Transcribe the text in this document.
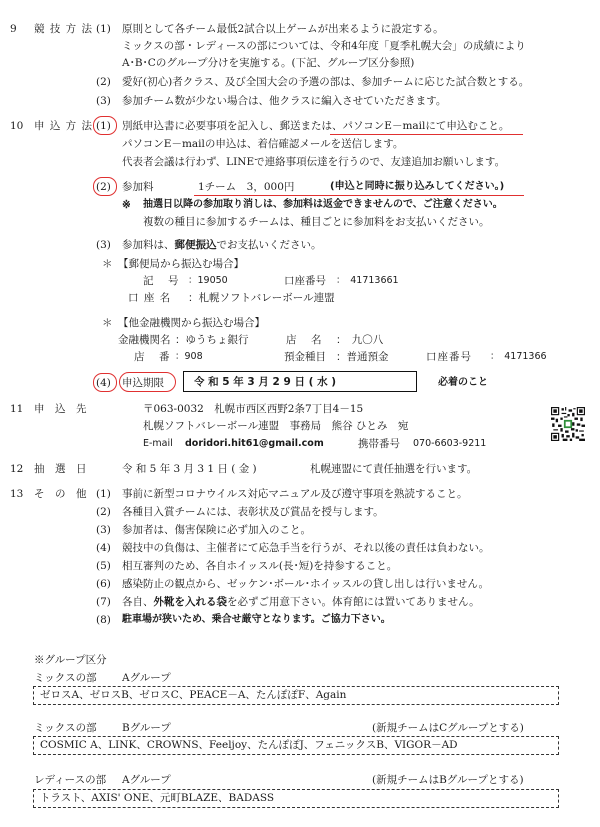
9 競 技 方 法 (1) 原則として各チーム最低2試合以上ゲームが出来るように設定する。
ミックスの部・レディースの部については、令和4年度「夏季札幌大会」の成績により
A･B･Cのグループ分けを実施する。(下記、グループ区分参照)
(2) 愛好(初心)者クラス、及び全国大会の予選の部は、参加チームに応じた試合数とする。
(3) 参加チーム数が少ない場合は、他クラスに編入させていただきます。
10 申 込 方 法 (1) 別紙申込書に必要事項を記入し、郵送または、パソコンE－mailにて申込むこと。
パソコンE－mailの申込は、着信確認メールを送信します。
代表者会議は行わず、LINEで連絡事項伝達を行うので、友達追加お願いします。
(2) 参加料	1チーム　3，000円	(申込と同時に振り込みしてください。)
※ 抽選日以降の参加取り消しは、参加料は返金できませんので、ご注意ください。
複数の種目に参加するチームは、種目ごとに参加料をお支払いください。
(3) 参加料は、郵便振込でお支払いください。
＊ 【郵便局から振込む場合】
記　号 ：19050	口座番号 ：　41713661
口 座 名 ：札幌ソフトバレーボール連盟
＊ 【他金融機関から振込む場合】
金融機関名 ：ゆうちょ銀行	店　名 ：　九〇八
店　番 ：908	預金種目 ：普通預金	口座番号 ：　4171366
(4) 申込期限	令 和 5 年 3 月 2 9 日 ( 水 )	必着のこと
11 申　込　先	〒063-0032　札幌市西区西野2条7丁目4－15
札幌ソフトバレーボール連盟　事務局　熊谷 ひとみ　宛
E-mail doridori.hit61@gmail.com	携帯番号 070-6603-9211
12 抽　選　日	令 和 5 年 3 月 3 1 日 ( 金 )	札幌連盟にて責任抽選を行います。
13 そ　の　他 (1) 事前に新型コロナウイルス対応マニュアル及び遵守事項を熟読すること。
(2) 各種目入賞チームには、表彰状及び賞品を授与します。
(3) 参加者は、傷害保険に必ず加入のこと。
(4) 競技中の負傷は、主催者にて応急手当を行うが、それ以後の責任は負わない。
(5) 相互審判のため、各自ホイッスル(長･短)を持参すること。
(6) 感染防止の観点から、ゼッケン･ボール･ホイッスルの貸し出しは行いません。
(7) 各自、外靴を入れる袋を必ずご用意下さい。体育館には置いてありません。
(8) 駐車場が狭いため、乗合せ厳守となります。ご協力下さい。
※グループ区分
ミックスの部 Aグループ
ゼロスA、ゼロスB、ゼロスC、PEACE－A、たんぽぽF、Again
ミックスの部 Bグループ	(新規チームはCグループとする)
COSMIC A、LINK、CROWNS、Feeljoy、たんぽぽJ、フェニックスB、VIGOR－AD
レディースの部 Aグループ	(新規チームはBグループとする)
トラスト、AXIS' ONE、元町BLAZE、BADASS
